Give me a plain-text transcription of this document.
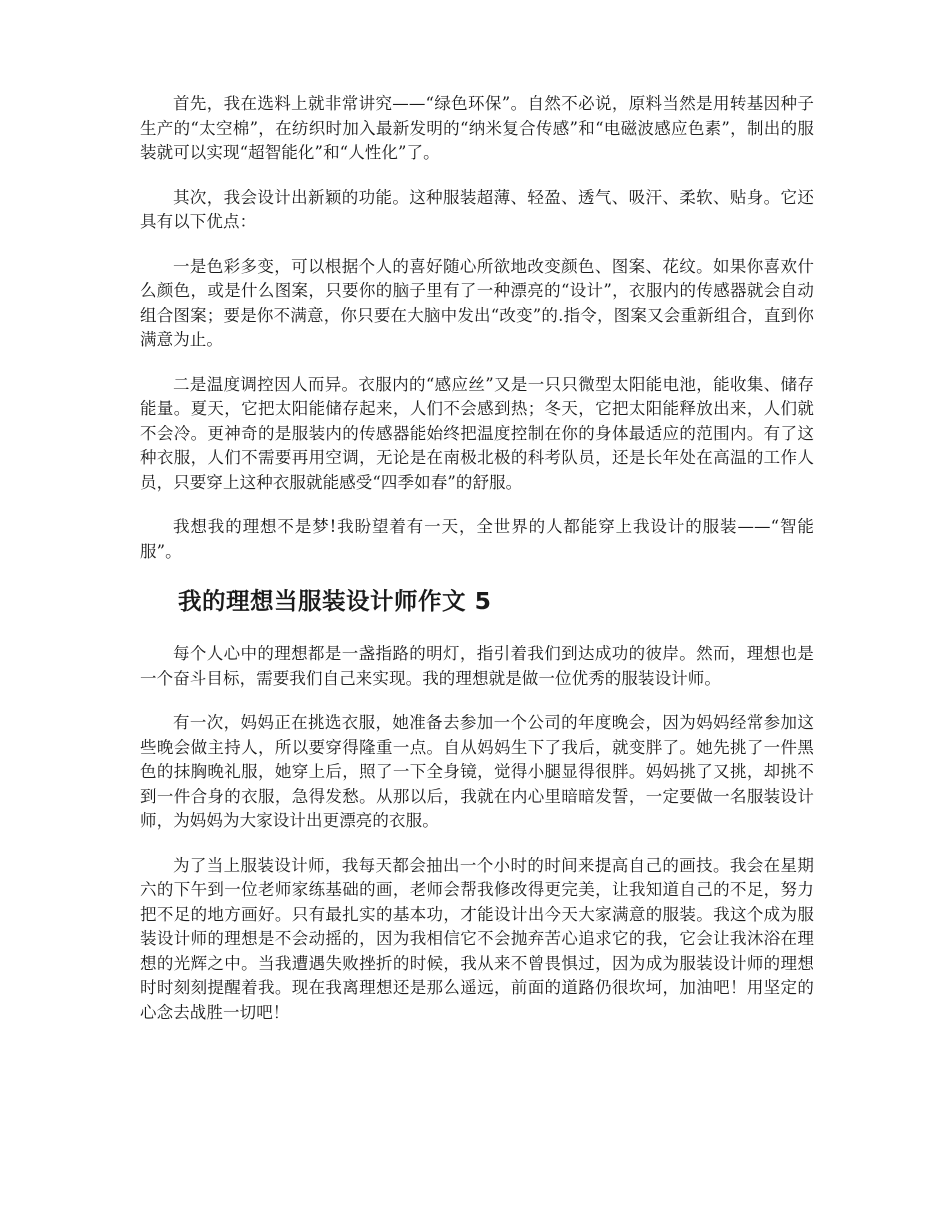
首先，我在选料上就非常讲究——“绿色环保”。自然不必说，原料当然是用转基因种子生产的“太空棉”，在纺织时加入最新发明的“纳米复合传感”和“电磁波感应色素”，制出的服装就可以实现“超智能化”和“人性化”了。

其次，我会设计出新颖的功能。这种服装超薄、轻盈、透气、吸汗、柔软、贴身。它还具有以下优点：

一是色彩多变，可以根据个人的喜好随心所欲地改变颜色、图案、花纹。如果你喜欢什么颜色，或是什么图案，只要你的脑子里有了一种漂亮的“设计”，衣服内的传感器就会自动组合图案；要是你不满意，你只要在大脑中发出“改变”的.指令，图案又会重新组合，直到你满意为止。

二是温度调控因人而异。衣服内的“感应丝”又是一只只微型太阳能电池，能收集、储存能量。夏天，它把太阳能储存起来，人们不会感到热；冬天，它把太阳能释放出来，人们就不会冷。更神奇的是服装内的传感器能始终把温度控制在你的身体最适应的范围内。有了这种衣服，人们不需要再用空调，无论是在南极北极的科考队员，还是长年处在高温的工作人员，只要穿上这种衣服就能感受“四季如春”的舒服。

我想我的理想不是梦!我盼望着有一天，全世界的人都能穿上我设计的服装——“智能服”。

我的理想当服装设计师作文 5

每个人心中的理想都是一盏指路的明灯，指引着我们到达成功的彼岸。然而，理想也是一个奋斗目标，需要我们自己来实现。我的理想就是做一位优秀的服装设计师。

有一次，妈妈正在挑选衣服，她准备去参加一个公司的年度晚会，因为妈妈经常参加这些晚会做主持人，所以要穿得隆重一点。自从妈妈生下了我后，就变胖了。她先挑了一件黑色的抹胸晚礼服，她穿上后，照了一下全身镜，觉得小腿显得很胖。妈妈挑了又挑，却挑不到一件合身的衣服，急得发愁。从那以后，我就在内心里暗暗发誓，一定要做一名服装设计师，为妈妈为大家设计出更漂亮的衣服。

为了当上服装设计师，我每天都会抽出一个小时的时间来提高自己的画技。我会在星期六的下午到一位老师家练基础的画，老师会帮我修改得更完美，让我知道自己的不足，努力把不足的地方画好。只有最扎实的基本功，才能设计出今天大家满意的服装。我这个成为服装设计师的理想是不会动摇的，因为我相信它不会抛弃苦心追求它的我，它会让我沐浴在理想的光辉之中。当我遭遇失败挫折的时候，我从来不曾畏惧过，因为成为服装设计师的理想时时刻刻提醒着我。现在我离理想还是那么遥远，前面的道路仍很坎坷，加油吧！用坚定的心念去战胜一切吧！
